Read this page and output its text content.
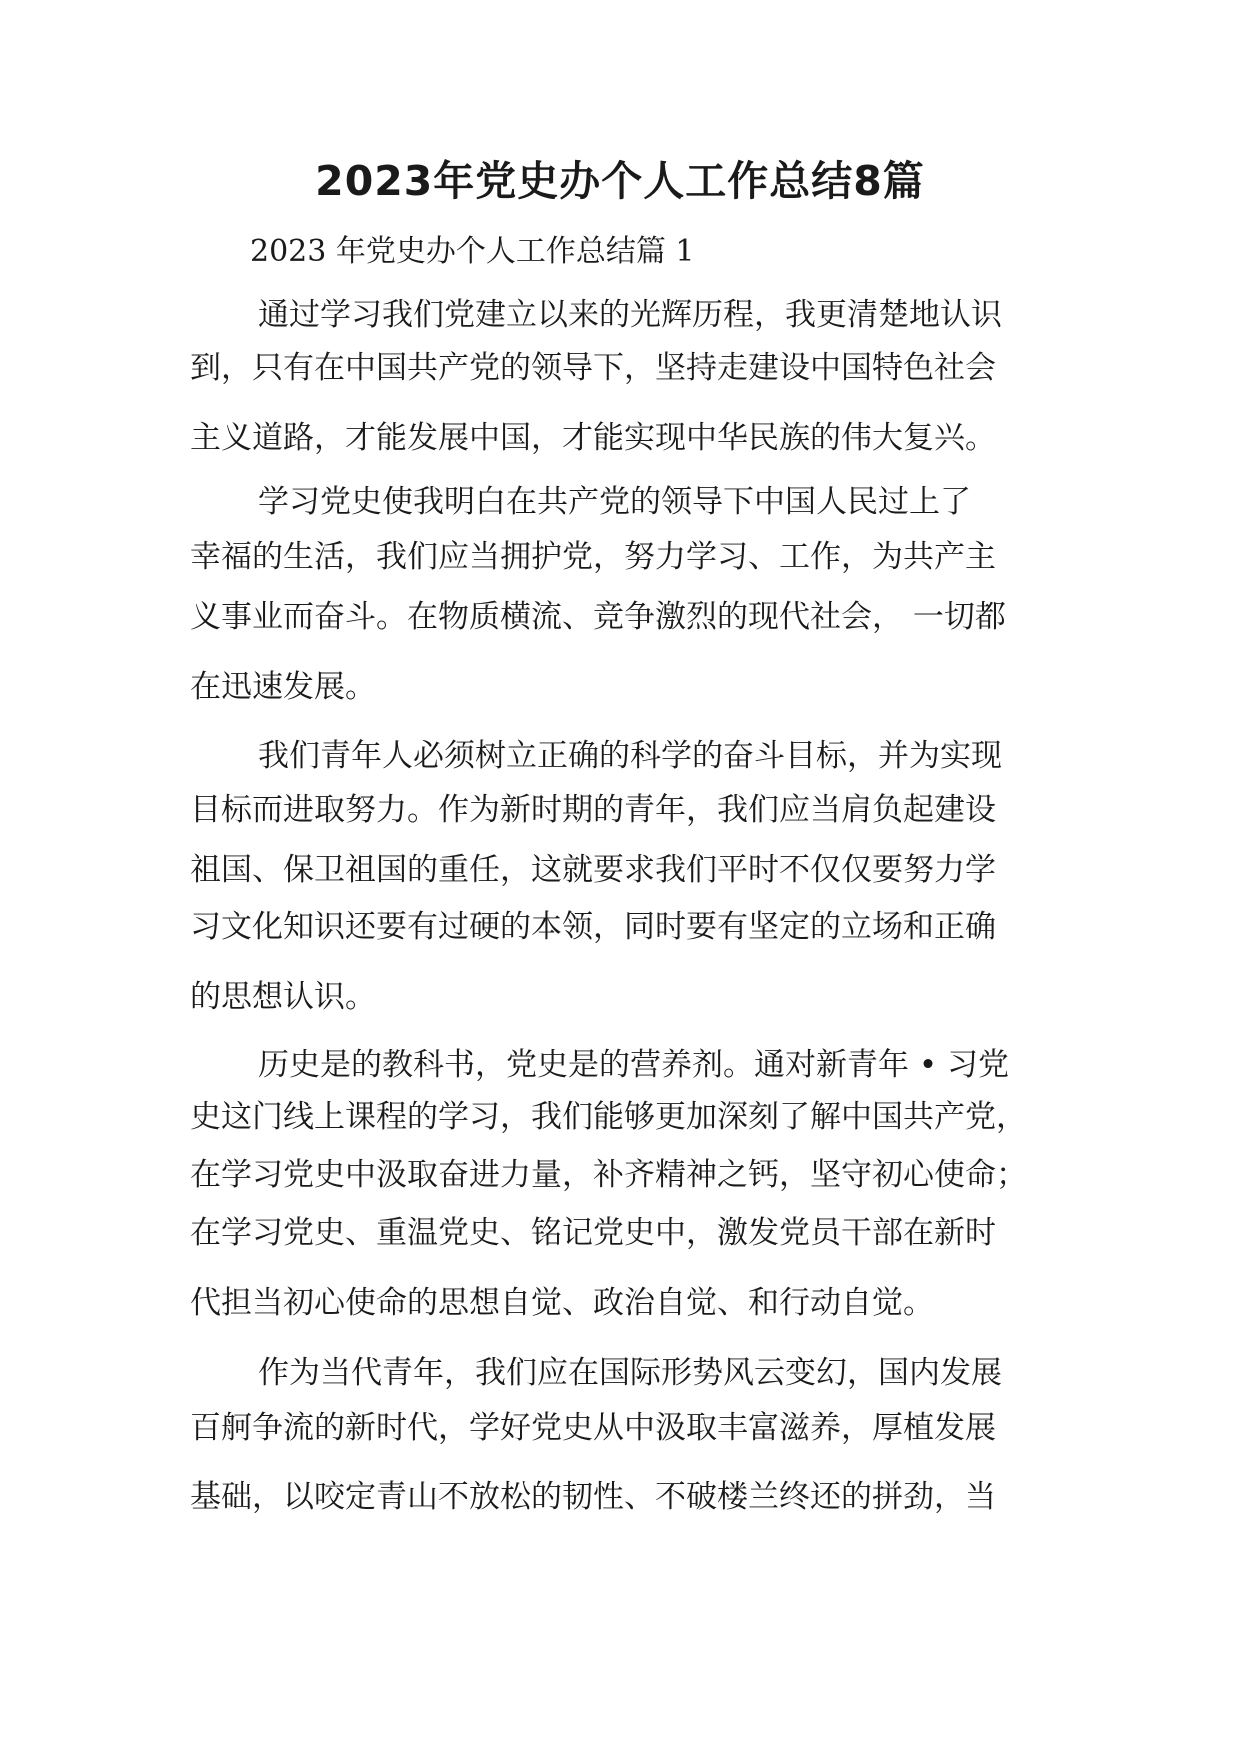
2023年党史办个人工作总结8篇

2023 年党史办个人工作总结篇 1

通过学习我们党建立以来的光辉历程，我更清楚地认识

到，只有在中国共产党的领导下，坚持走建设中国特色社会

主义道路，才能发展中国，才能实现中华民族的伟大复兴。

学习党史使我明白在共产党的领导下中国人民过上了

幸福的生活，我们应当拥护党，努力学习、工作，为共产主

义事业而奋斗。在物质横流、竞争激烈的现代社会， 一切都

在迅速发展。

我们青年人必须树立正确的科学的奋斗目标，并为实现

目标而进取努力。作为新时期的青年，我们应当肩负起建设

祖国、保卫祖国的重任，这就要求我们平时不仅仅要努力学

习文化知识还要有过硬的本领，同时要有坚定的立场和正确

的思想认识。

历史是的教科书，党史是的营养剂。通对新青年 • 习党

史这门线上课程的学习，我们能够更加深刻了解中国共产党，

在学习党史中汲取奋进力量，补齐精神之钙，坚守初心使命；

在学习党史、重温党史、铭记党史中，激发党员干部在新时

代担当初心使命的思想自觉、政治自觉、和行动自觉。

作为当代青年，我们应在国际形势风云变幻，国内发展

百舸争流的新时代，学好党史从中汲取丰富滋养，厚植发展

基础，以咬定青山不放松的韧性、不破楼兰终还的拼劲，当
